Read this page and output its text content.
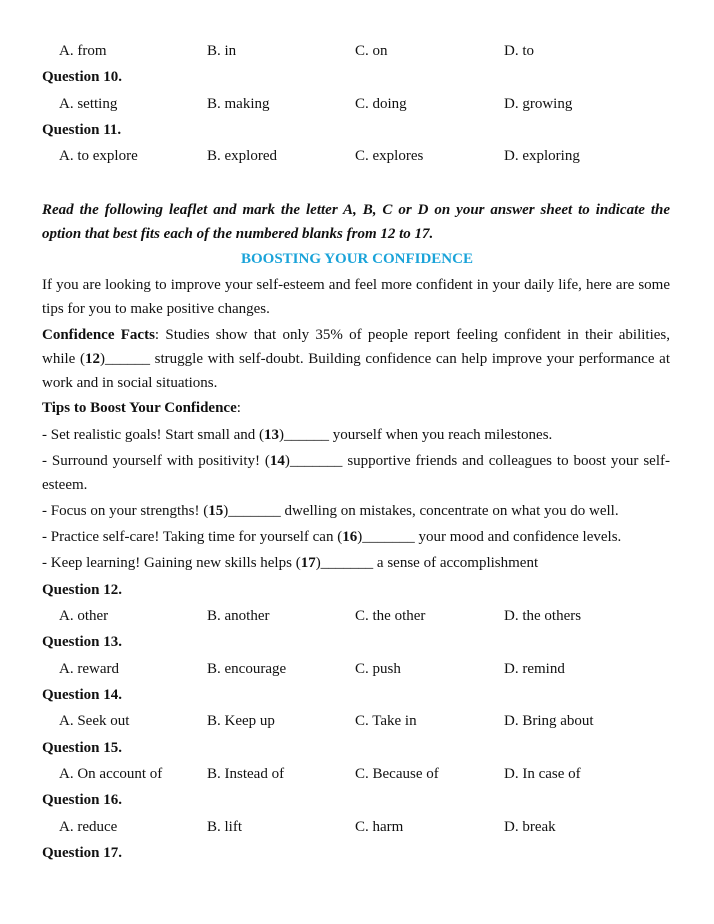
A. from	B. in	C. on	D. to
Question 10.
A. setting	B. making	C. doing	D. growing
Question 11.
A. to explore	B. explored	C. explores	D. exploring
Read the following leaflet and mark the letter A, B, C or D on your answer sheet to indicate the option that best fits each of the numbered blanks from 12 to 17.
BOOSTING YOUR CONFIDENCE
If you are looking to improve your self-esteem and feel more confident in your daily life, here are some tips for you to make positive changes.
Confidence Facts: Studies show that only 35% of people report feeling confident in their abilities, while (12)______ struggle with self-doubt. Building confidence can help improve your performance at work and in social situations.
Tips to Boost Your Confidence:
- Set realistic goals! Start small and (13)______ yourself when you reach milestones.
- Surround yourself with positivity! (14)_______ supportive friends and colleagues to boost your self-esteem.
- Focus on your strengths! (15)_______ dwelling on mistakes, concentrate on what you do well.
- Practice self-care! Taking time for yourself can (16)_______ your mood and confidence levels.
- Keep learning! Gaining new skills helps (17)_______ a sense of accomplishment
Question 12.
A. other	B. another	C. the other	D. the others
Question 13.
A. reward	B. encourage	C. push	D. remind
Question 14.
A. Seek out	B. Keep up	C. Take in	D. Bring about
Question 15.
A. On account of	B. Instead of	C. Because of	D. In case of
Question 16.
A. reduce	B. lift	C. harm	D. break
Question 17.
